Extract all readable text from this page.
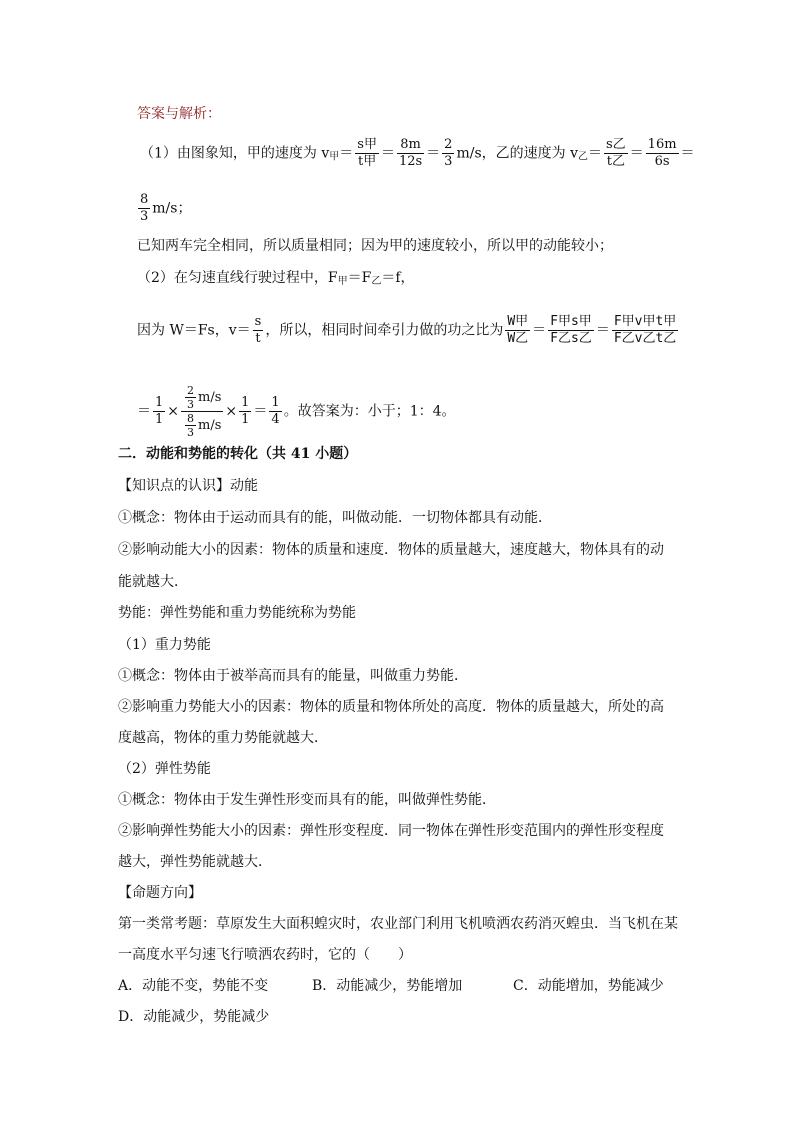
答案与解析：
（1）由图象知，甲的速度为 $v_甲= \frac{\text{s甲}}{\text{t甲}} = \frac{8m}{12s} = \frac{2}{3} m/s$，乙的速度为 $v_乙= \frac{\text{s乙}}{\text{t乙}} = \frac{16m}{6s}$ ＝
$\frac{8}{3} m/s$；
已知两车完全相同，所以质量相同；因为甲的速度较小，所以甲的动能较小；
（2）在匀速直线行驶过程中，$F_甲=F_乙=f$，
因为 W＝Fs，$v= \frac{s}{t}$ ，所以，相同时间牵引力做的功之比为 $\frac{\text{W甲}}{\text{W乙}} = \frac{\text{F甲s甲}}{\text{F乙s乙}} = \frac{\text{F甲v甲t甲}}{\text{F乙v乙t乙}}$
＝ $\frac{1}{1} \times \frac{\frac{2}{3} m/s}{\frac{8}{3} m/s} \times \frac{1}{1} = \frac{1}{4}$ 。故答案为：小于；1：4。
二．动能和势能的转化（共 41 小题）
【知识点的认识】动能
①概念：物体由于运动而具有的能，叫做动能．一切物体都具有动能．
②影响动能大小的因素：物体的质量和速度．物体的质量越大，速度越大，物体具有的动
能就越大．
势能：弹性势能和重力势能统称为势能
（1）重力势能
①概念：物体由于被举高而具有的能量，叫做重力势能．
②影响重力势能大小的因素：物体的质量和物体所处的高度．物体的质量越大，所处的高
度越高，物体的重力势能就越大．
（2）弹性势能
①概念：物体由于发生弹性形变而具有的能，叫做弹性势能．
②影响弹性势能大小的因素：弹性形变程度．同一物体在弹性形变范围内的弹性形变程度
越大，弹性势能就越大．
【命题方向】
第一类常考题：草原发生大面积蝗灾时，农业部门利用飞机喷洒农药消灭蝗虫．当飞机在某
一高度水平匀速飞行喷洒农药时，它的（　　）
A．动能不变，势能不变	B．动能减少，势能增加	C．动能增加，势能减少
D．动能减少，势能减少
